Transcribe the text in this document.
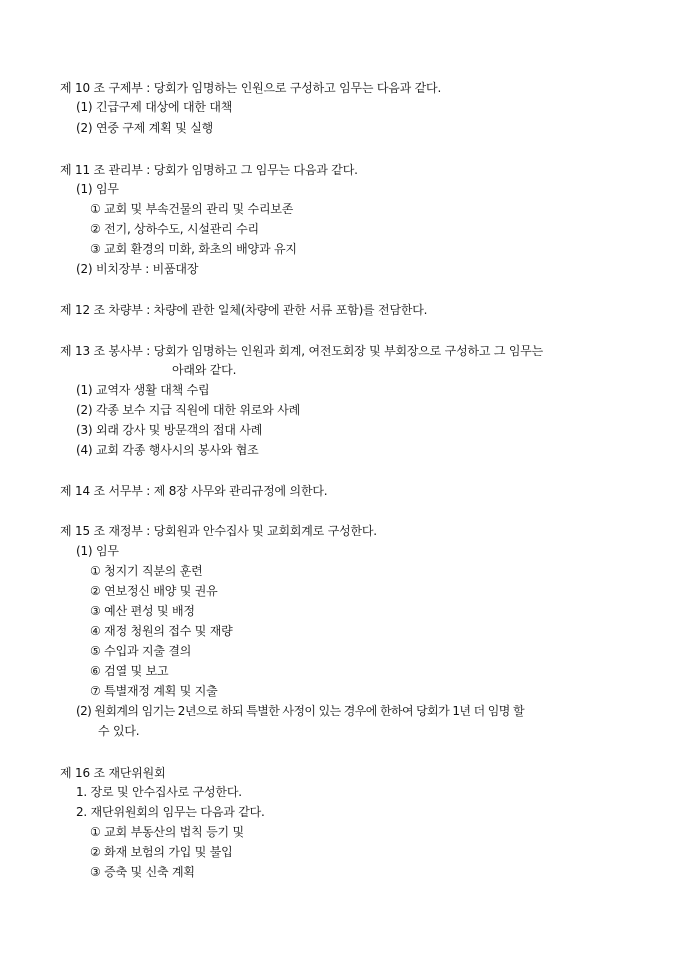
제 10 조 구제부 : 당회가 임명하는 인원으로 구성하고 임무는 다음과 같다.
(1) 긴급구제 대상에 대한 대책
(2) 연중 구제 계획 및 실행
제 11 조 관리부 : 당회가 임명하고 그 임무는 다음과 같다.
(1) 임무
① 교회 및 부속건물의 관리 및 수리보존
② 전기, 상하수도, 시설관리 수리
③ 교회 환경의 미화, 화초의 배양과 유지
(2) 비치장부 : 비품대장
제 12 조 차량부 : 차량에 관한 일체(차량에 관한 서류 포함)를 전담한다.
제 13 조 봉사부 : 당회가 임명하는 인원과 회계, 여전도회장 및 부회장으로 구성하고 그 임무는
아래와 같다.
(1) 교역자 생활 대책 수립
(2) 각종 보수 지급 직원에 대한 위로와 사례
(3) 외래 강사 및 방문객의 접대 사례
(4) 교회 각종 행사시의 봉사와 협조
제 14 조 서무부 : 제 8장 사무와 관리규정에 의한다.
제 15 조 재정부 : 당회원과 안수집사 및 교회회계로 구성한다.
(1) 임무
① 청지기 직분의 훈련
② 연보정신 배양 및 권유
③ 예산 편성 및 배정
④ 재정 청원의 접수 및 재량
⑤ 수입과 지출 결의
⑥ 검열 및 보고
⑦ 특별재정 계획 및 지출
(2) 원회계의 임기는 2년으로 하되 특별한 사정이 있는 경우에 한하여 당회가 1년 더 임명 할
수 있다.
제 16 조 재단위원회
1. 장로 및 안수집사로 구성한다.
2. 재단위원회의 임무는 다음과 같다.
① 교회 부동산의 법칙 등기 및
② 화재 보험의 가입 및 불입
③ 증축 및 신축 계획
